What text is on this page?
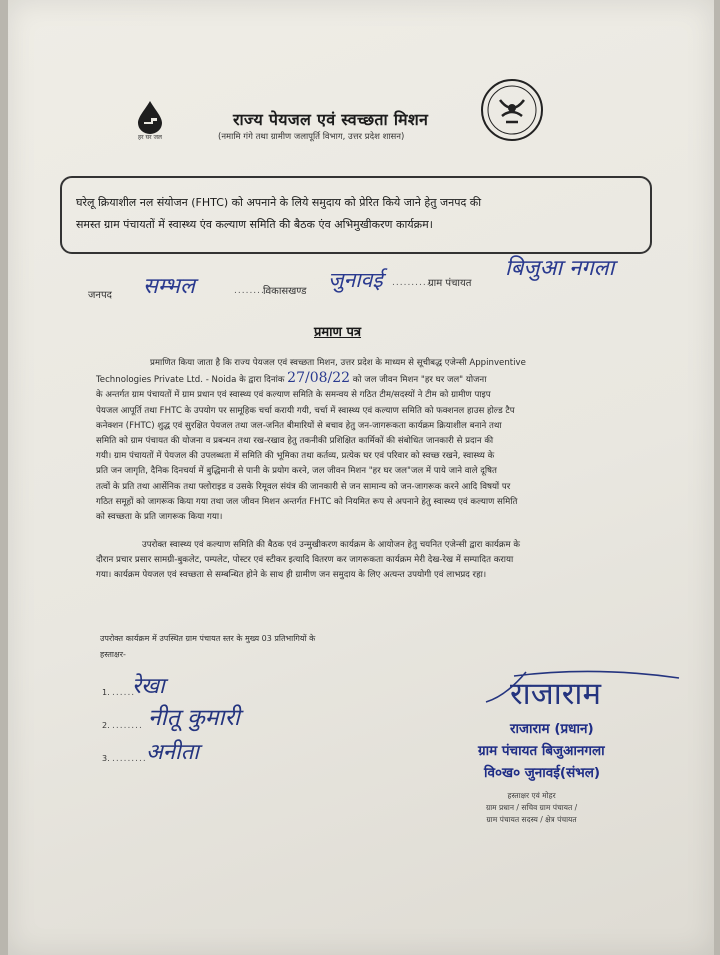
हर घर जल
राज्य पेयजल एवं स्वच्छता मिशन
(नमामि गंगे तथा ग्रामीण जलापूर्ति विभाग, उत्तर प्रदेश शासन)
घरेलू क्रियाशील नल संयोजन (FHTC) को अपनाने के लिये समुदाय को प्रेरित किये जाने हेतु जनपद की
समस्त ग्राम पंचायतों में स्वास्थ्य एंव कल्याण समिति की बैठक एंव अभिमुखीकरण कार्यक्रम।
जनपद सम्भल	.........
विकासखण्ड जुनावई ..........
ग्राम पंचायत
बिजुआ नगला
प्रमाण पत्र
प्रमाणित किया जाता है कि राज्य पेयजल एवं स्वच्छता मिशन, उत्तर प्रदेश के माध्यम से सूचीबद्ध एजेन्सी Appinventive
Technologies Private Ltd. - Noida के द्वारा दिनांक 27/08/22 को जल जीवन मिशन "हर घर जल" योजना
के अन्तर्गत ग्राम पंचायतों में ग्राम प्रधान एवं स्वास्थ्य एवं कल्याण समिति के समन्वय से गठित टीम/सदस्यों ने टीम को ग्रामीण पाइप
पेयजल आपूर्ति तथा FHTC के उपयोग पर सामूहिक चर्चा करायी गयी, चर्चा में स्वास्थ्य एवं कल्याण समिति को फक्शनल हाउस होल्ड टैप
कनेक्शन (FHTC) शुद्ध एवं सुरक्षित पेयजल तथा जल-जनित बीमारियों से बचाव हेतु जन-जागरूकता कार्यक्रम क्रियाशील बनाने तथा
समिति को ग्राम पंचायत की योजना व प्रबन्धन तथा रख-रखाव हेतु तकनीकी प्रशिक्षित कार्मिकों की संबोधित जानकारी से प्रदान की
गयी। ग्राम पंचायतों में पेयजल की उपलब्धता में समिति की भूमिका तथा कर्तव्य, प्रत्येक घर एवं परिवार को स्वच्छ रखने, स्वास्थ्य के
प्रति जन जागृति, दैनिक दिनचर्या में बुद्धिमानी से पानी के प्रयोग करने, जल जीवन मिशन "हर घर जल"जल में पाये जाने वाले दूषित
तत्वों के प्रति तथा आर्सेनिक तथा फ्लोराइड व उसके रिमूवल संयंत्र की जानकारी से जन सामान्य को जन-जागरूक करने आदि विषयों पर
गठित समूहों को जागरूक किया गया तथा जल जीवन मिशन अन्तर्गत FHTC को नियमित रूप से अपनाने हेतु स्वास्थ्य एवं कल्याण समिति
को स्वच्छता के प्रति जागरूक किया गया।
उपरोक्त स्वास्थ्य एवं कल्याण समिति की बैठक एवं उन्मुखीकरण कार्यक्रम के आयोजन हेतु चयनित एजेन्सी द्वारा कार्यक्रम के
दौरान प्रचार प्रसार सामग्री-बुकलेट, पम्पलेट, पोस्टर एवं स्टीकर इत्यादि वितरण कर जागरूकता कार्यक्रम मेरी देख-रेख में सम्पादित कराया
गया। कार्यक्रम पेयजल एवं स्वच्छता से सम्बन्धित होने के साथ ही ग्रामीण जन समुदाय के लिए अत्यन्त उपयोगी एवं लाभप्रद रहा।
उपरोक्त कार्यक्रम में उपस्थित ग्राम पंचायत स्तर के मुख्य 03 प्रतिभागियों के
हस्ताक्षर-
1. ......
रेखा
2. ........ नीतू कुमारी
3. ......... अनीता
राजाराम
राजाराम (प्रधान)
ग्राम पंचायत बिजुआनगला
वि०ख० जुनावई(संभल)
हस्ताक्षर एवं मोहर
ग्राम प्रधान / सचिव ग्राम पंचायत /
ग्राम पंचायत सदस्य / क्षेत्र पंचायत
